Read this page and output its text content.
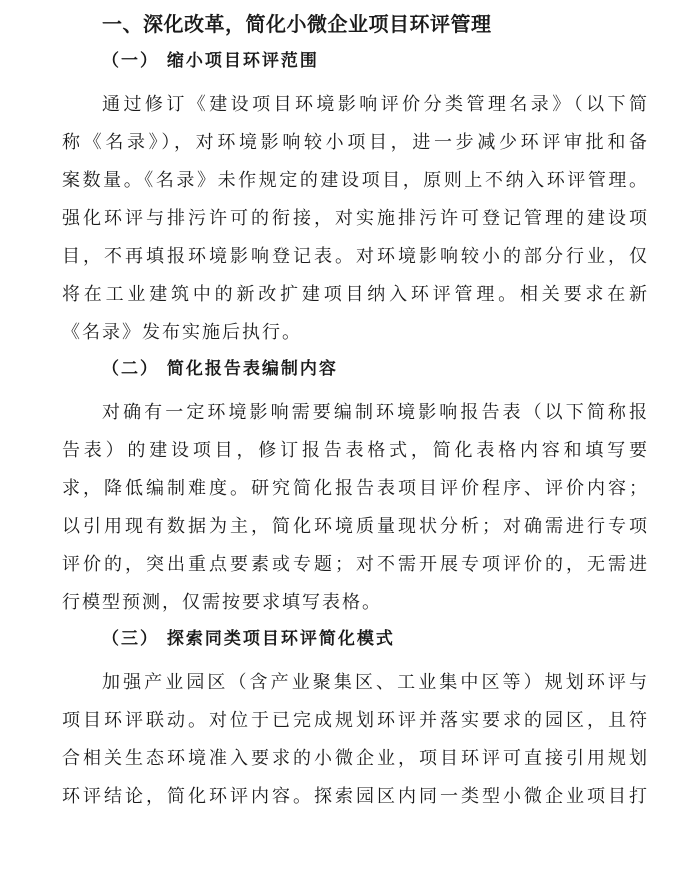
一、深化改革，简化小微企业项目环评管理
（一） 缩小项目环评范围
通过修订《建设项目环境影响评价分类管理名录》（以下简
称《名录》），对环境影响较小项目，进一步减少环评审批和备
案数量。《名录》未作规定的建设项目，原则上不纳入环评管理。
强化环评与排污许可的衔接，对实施排污许可登记管理的建设项
目，不再填报环境影响登记表。对环境影响较小的部分行业，仅
将在工业建筑中的新改扩建项目纳入环评管理。相关要求在新
《名录》发布实施后执行。
（二） 简化报告表编制内容
对确有一定环境影响需要编制环境影响报告表（以下简称报
告表）的建设项目，修订报告表格式，简化表格内容和填写要
求，降低编制难度。研究简化报告表项目评价程序、评价内容；
以引用现有数据为主，简化环境质量现状分析；对确需进行专项
评价的，突出重点要素或专题；对不需开展专项评价的，无需进
行模型预测，仅需按要求填写表格。
（三） 探索同类项目环评简化模式
加强产业园区（含产业聚集区、工业集中区等）规划环评与
项目环评联动。对位于已完成规划环评并落实要求的园区，且符
合相关生态环境准入要求的小微企业，项目环评可直接引用规划
环评结论，简化环评内容。探索园区内同一类型小微企业项目打
